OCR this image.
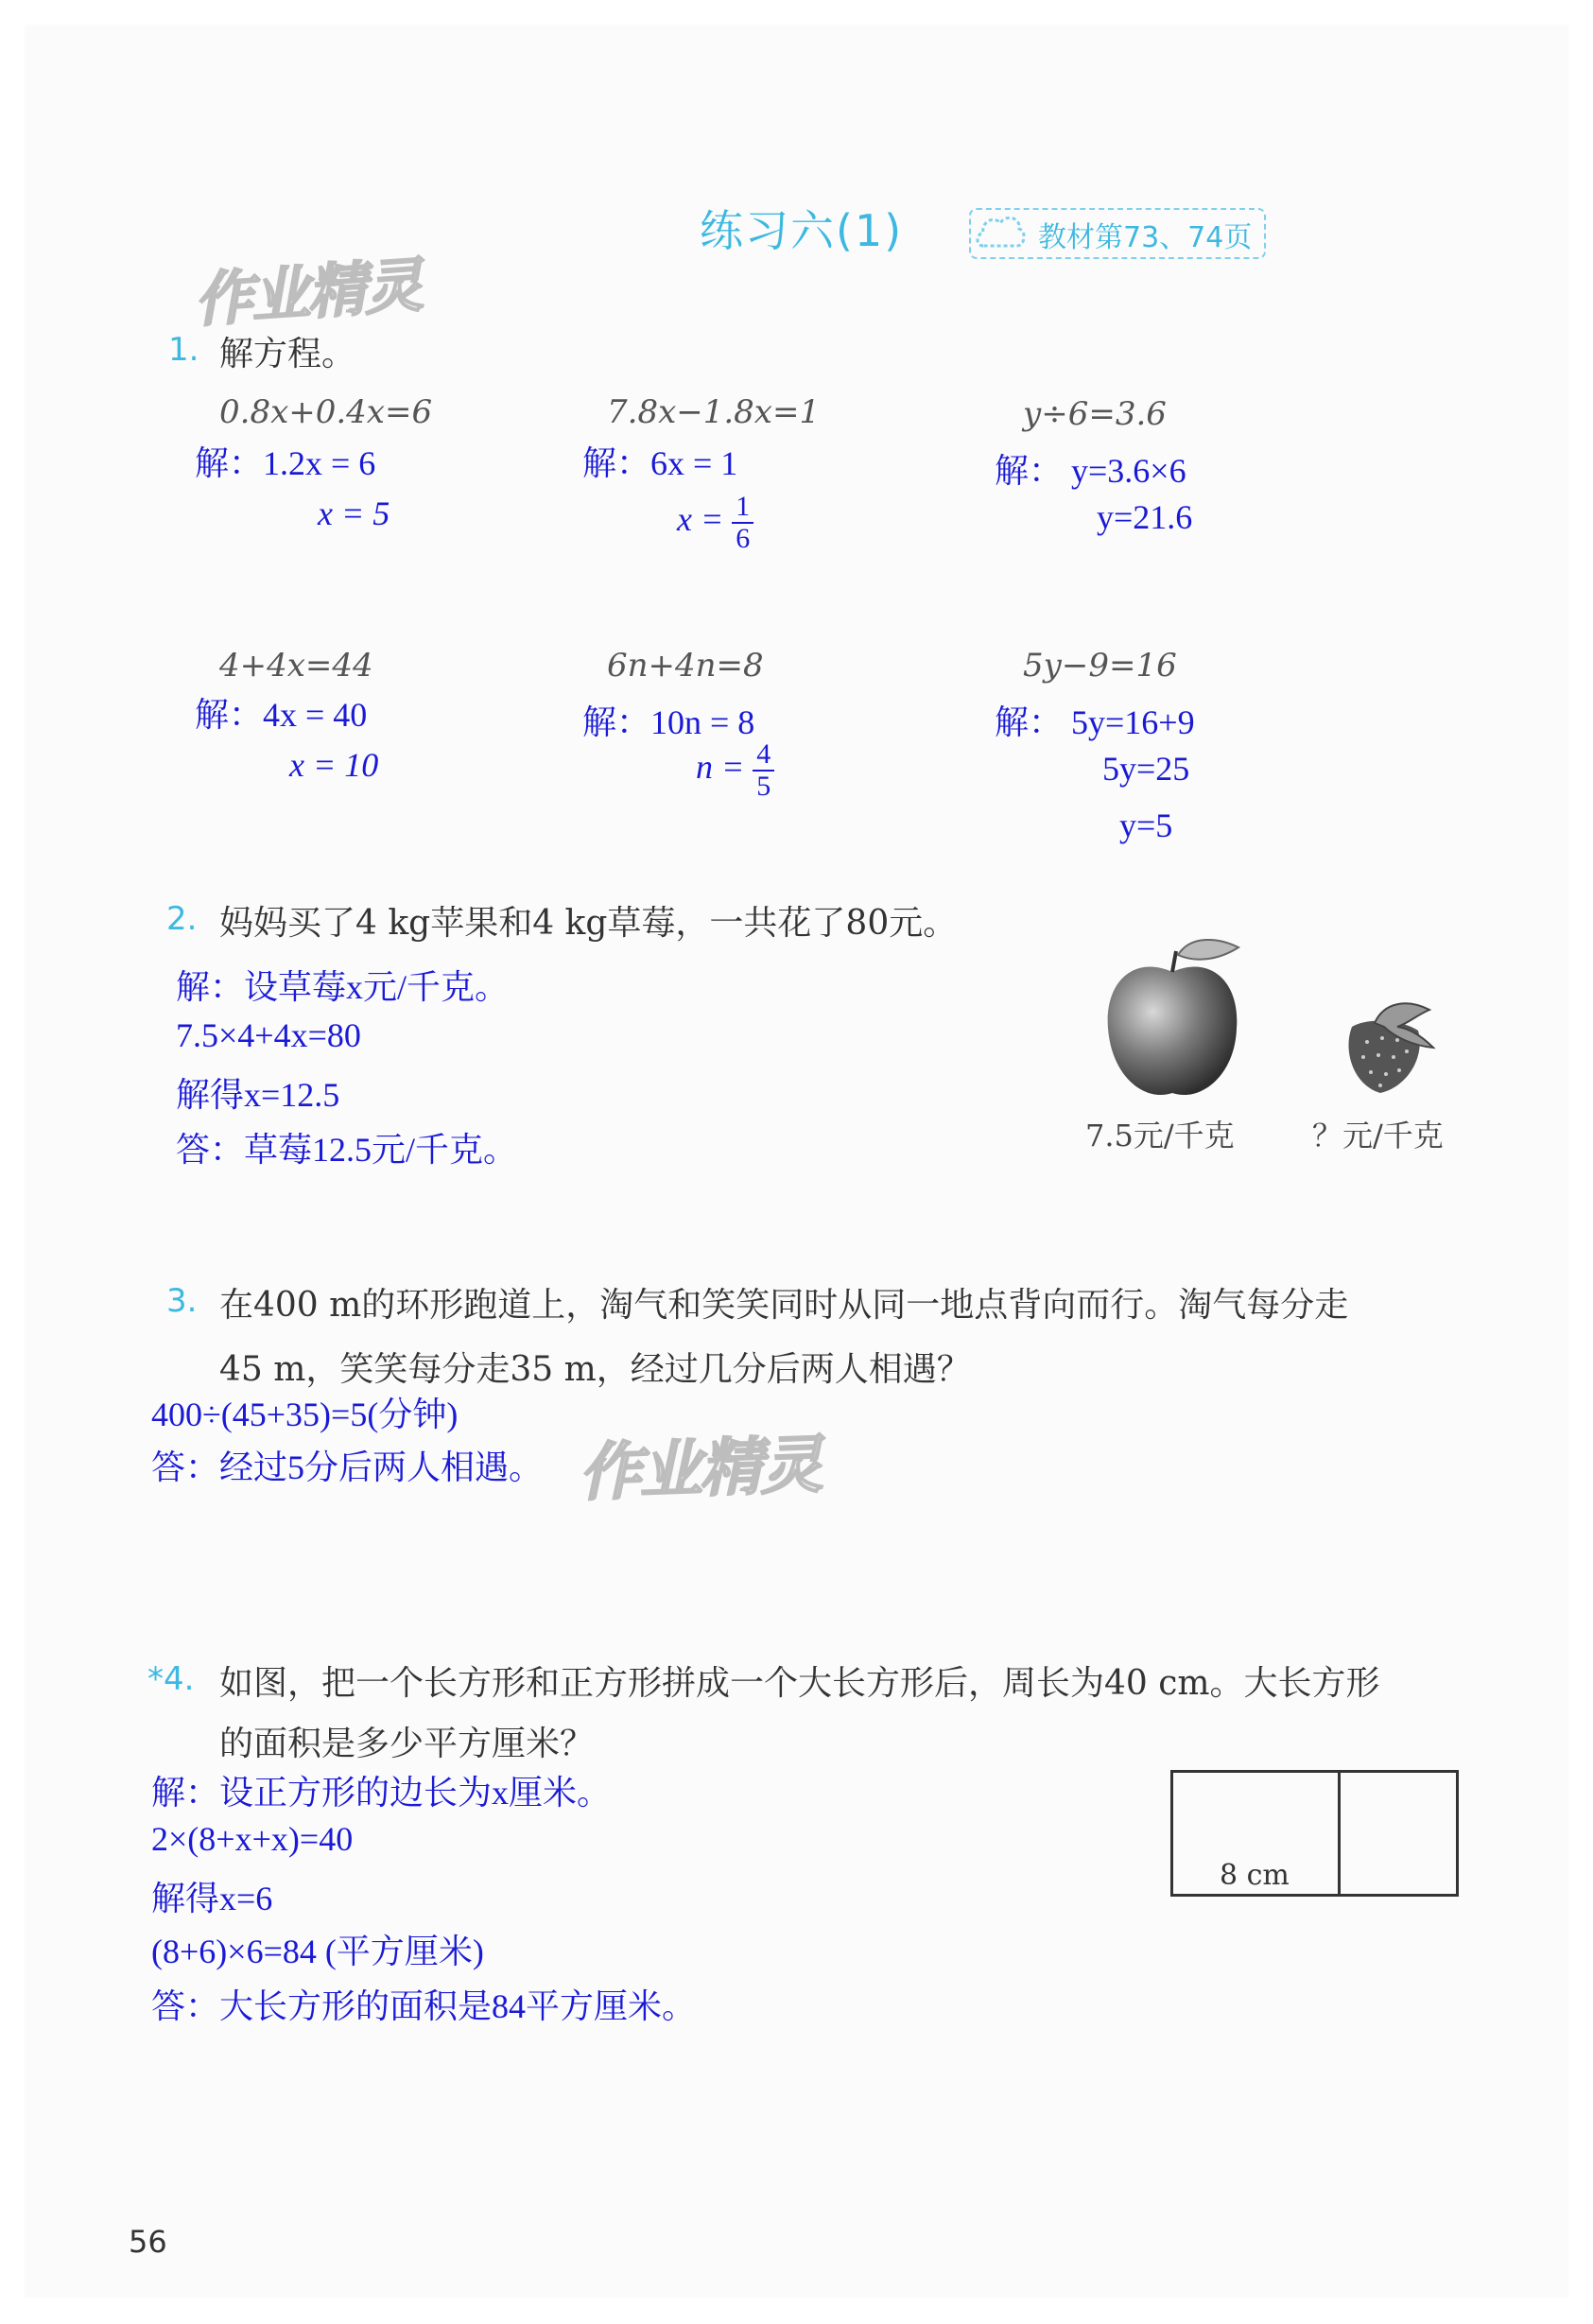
作业精灵
练习六(1)	教材第73、74页
1. 解方程。
0.8x+0.4x=6
解：1.2x = 6
x = 5
7.8x−1.8x=1
解：6x = 1
$x = \frac{1}{6}$
y÷6=3.6
解： y=3.6×6
y=21.6
4+4x=44
解：4x = 40
x = 10
6n+4n=8
解：10n = 8
$n = \frac{4}{5}$
5y−9=16
解： 5y=16+9
5y=25
y=5
2. 妈妈买了4 kg苹果和4 kg草莓，一共花了80元。
解：设草莓x元/千克。
7.5×4+4x=80
解得x=12.5
答：草莓12.5元/千克。	7.5元/千克	？元/千克
3. 在400 m的环形跑道上，淘气和笑笑同时从同一地点背向而行。淘气每分走
45 m，笑笑每分走35 m，经过几分后两人相遇？
400÷(45+35)=5(分钟)
答：经过5分后两人相遇。 作业精灵
*4. 如图，把一个长方形和正方形拼成一个大长方形后，周长为40 cm。大长方形
的面积是多少平方厘米？
解：设正方形的边长为x厘米。
2×(8+x+x)=40
解得x=6
(8+6)×6=84 (平方厘米)
答：大长方形的面积是84平方厘米。
8 cm
56
